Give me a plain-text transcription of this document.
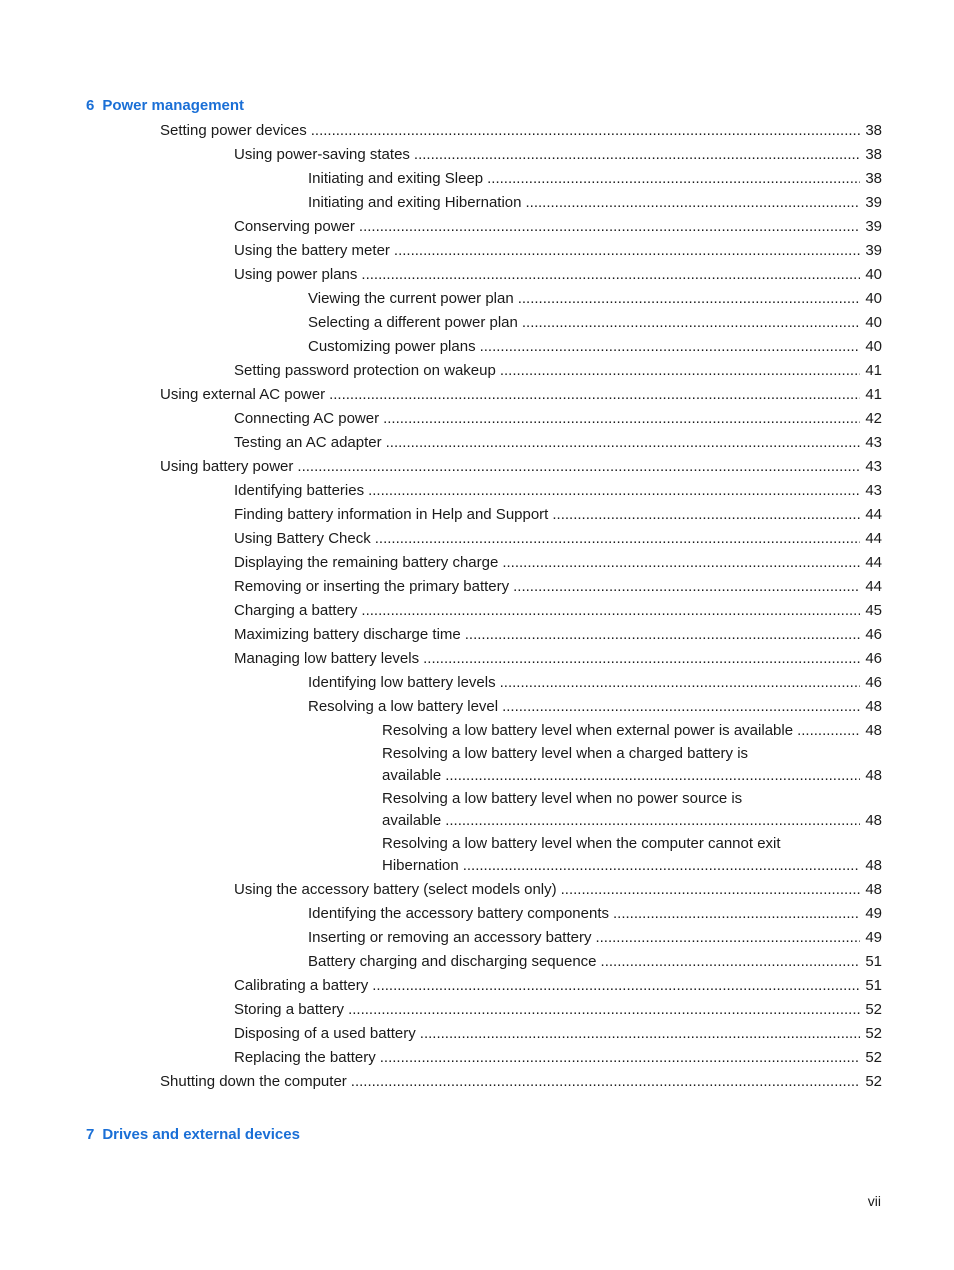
6 Power management
7 Drives and external devices
Setting power devices .....	38
Using power-saving states .....	38
Initiating and exiting Sleep .....	38
Initiating and exiting Hibernation .....	39
Conserving power .....	39
Using the battery meter .....	39
Using power plans .....	40
Viewing the current power plan .....	40
Selecting a different power plan .....	40
Customizing power plans .....	40
Setting password protection on wakeup .....	41
Using external AC power .....	41
Connecting AC power .....	42
Testing an AC adapter .....	43
Using battery power .....	43
Identifying batteries .....	43
Finding battery information in Help and Support .....	44
Using Battery Check .....	44
Displaying the remaining battery charge .....	44
Removing or inserting the primary battery .....	44
Charging a battery .....	45
Maximizing battery discharge time .....	46
Managing low battery levels .....	46
Identifying low battery levels .....	46
Resolving a low battery level .....	48
Resolving a low battery level when external power is available .....	48
Resolving a low battery level when a charged battery is
available .....	48
Resolving a low battery level when no power source is
available .....	48
Resolving a low battery level when the computer cannot exit
Hibernation .....	48
Using the accessory battery (select models only) .....	48
Identifying the accessory battery components .....	49
Inserting or removing an accessory battery .....	49
Battery charging and discharging sequence .....	51
Calibrating a battery .....	51
Storing a battery .....	52
Disposing of a used battery .....	52
Replacing the battery .....	52
Shutting down the computer .....	52
vii
